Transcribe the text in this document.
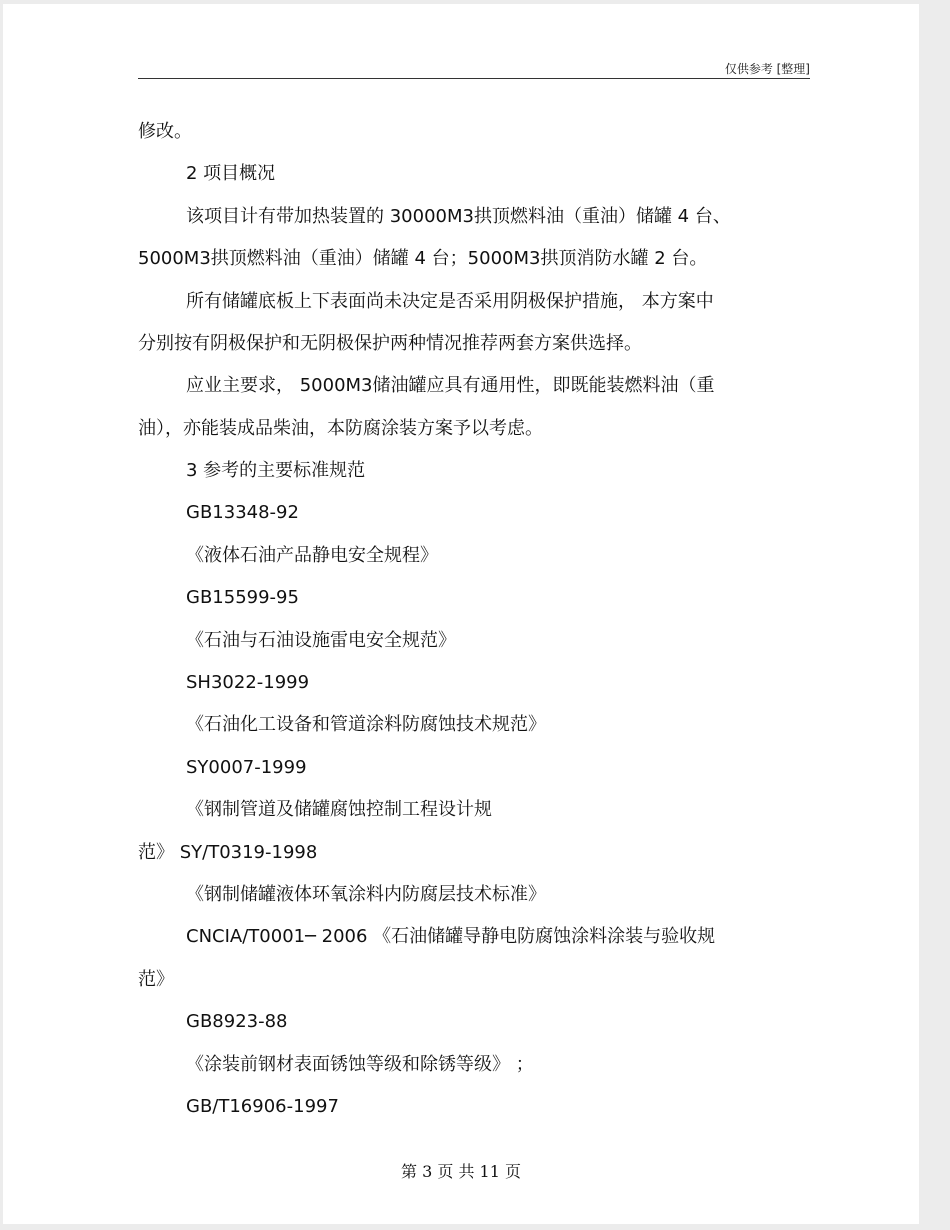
仅供参考 [整理]
修改。
2 项目概况
该项目计有带加热装置的 30000M3拱顶燃料油（重油）储罐 4 台、
5000M3拱顶燃料油（重油）储罐 4 台；5000M3拱顶消防水罐 2 台。
所有储罐底板上下表面尚未决定是否采用阴极保护措施， 本方案中
分别按有阴极保护和无阴极保护两种情况推荐两套方案供选择。
应业主要求， 5000M3储油罐应具有通用性，即既能装燃料油（重
油），亦能装成品柴油，本防腐涂装方案予以考虑。
3 参考的主要标准规范
GB13348-92
《液体石油产品静电安全规程》
GB15599-95
《石油与石油设施雷电安全规范》
SH3022-1999
《石油化工设备和管道涂料防腐蚀技术规范》
SY0007-1999
《钢制管道及储罐腐蚀控制工程设计规
范》 SY/T0319-1998
《钢制储罐液体环氧涂料内防腐层技术标准》
CNCIA/T0001─ 2006 《石油储罐导静电防腐蚀涂料涂装与验收规
范》
GB8923-88
《涂装前钢材表面锈蚀等级和除锈等级》 ；
GB/T16906-1997
第 3 页 共 11 页
